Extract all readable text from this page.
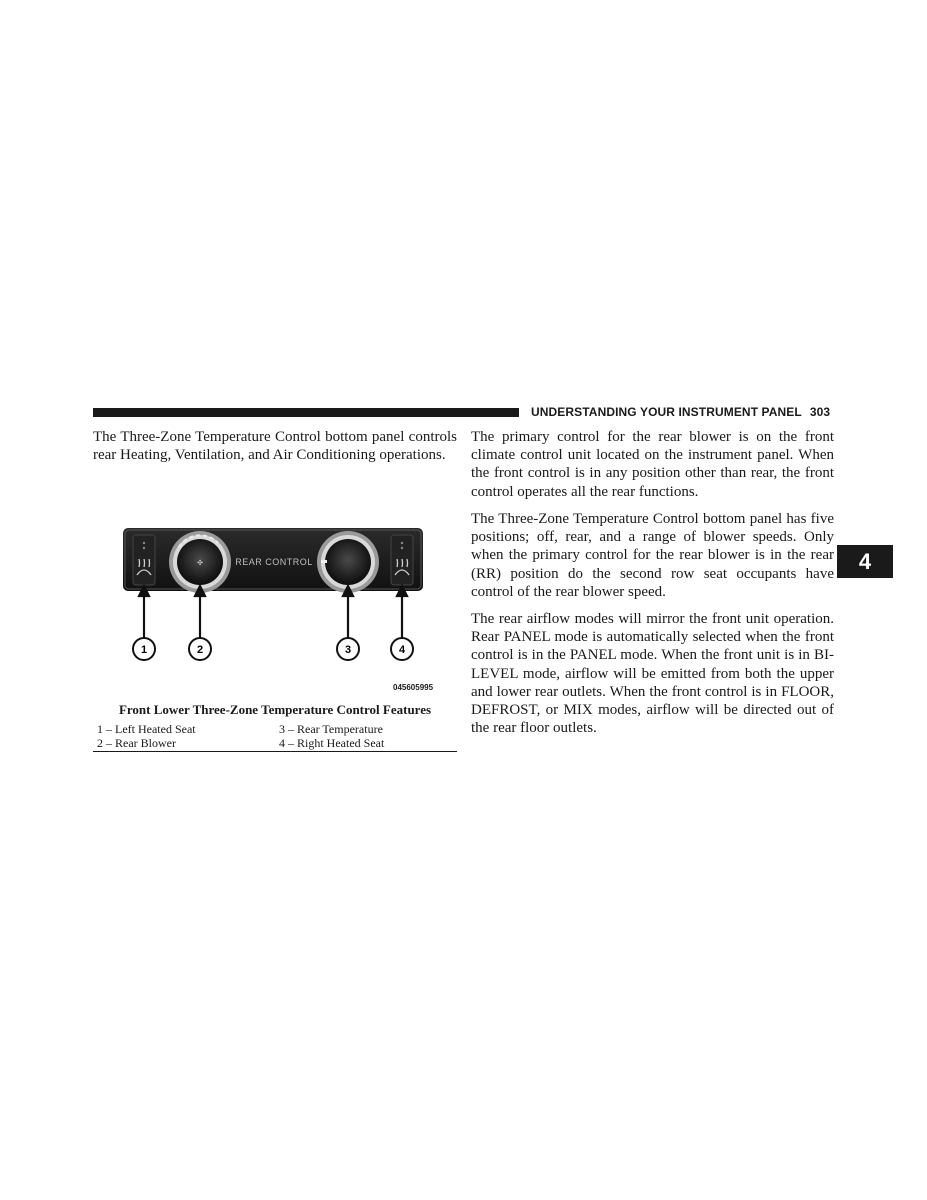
UNDERSTANDING YOUR INSTRUMENT PANEL 303

The Three-Zone Temperature Control bottom panel controls rear Heating, Ventilation, and Air Conditioning operations.

✣	REAR CONTROL
1	2	3	4
045605995
Front Lower Three-Zone Temperature Control Features
1 – Left Heated Seat	3 – Rear Temperature
2 – Rear Blower	4 – Right Heated Seat

The primary control for the rear blower is on the front climate control unit located on the instrument panel. When the front control is in any position other than rear, the front control operates all the rear functions.

The Three-Zone Temperature Control bottom panel has five positions; off, rear, and a range of blower speeds. Only when the primary control for the rear blower is in the rear (RR) position do the second row seat occupants have control of the rear blower speed.

The rear airflow modes will mirror the front unit operation. Rear PANEL mode is automatically selected when the front control is in the PANEL mode. When the front unit is in BI-LEVEL mode, airflow will be emitted from both the upper and lower rear outlets. When the front control is in FLOOR, DEFROST, or MIX modes, airflow will be directed out of the rear floor outlets.

4
